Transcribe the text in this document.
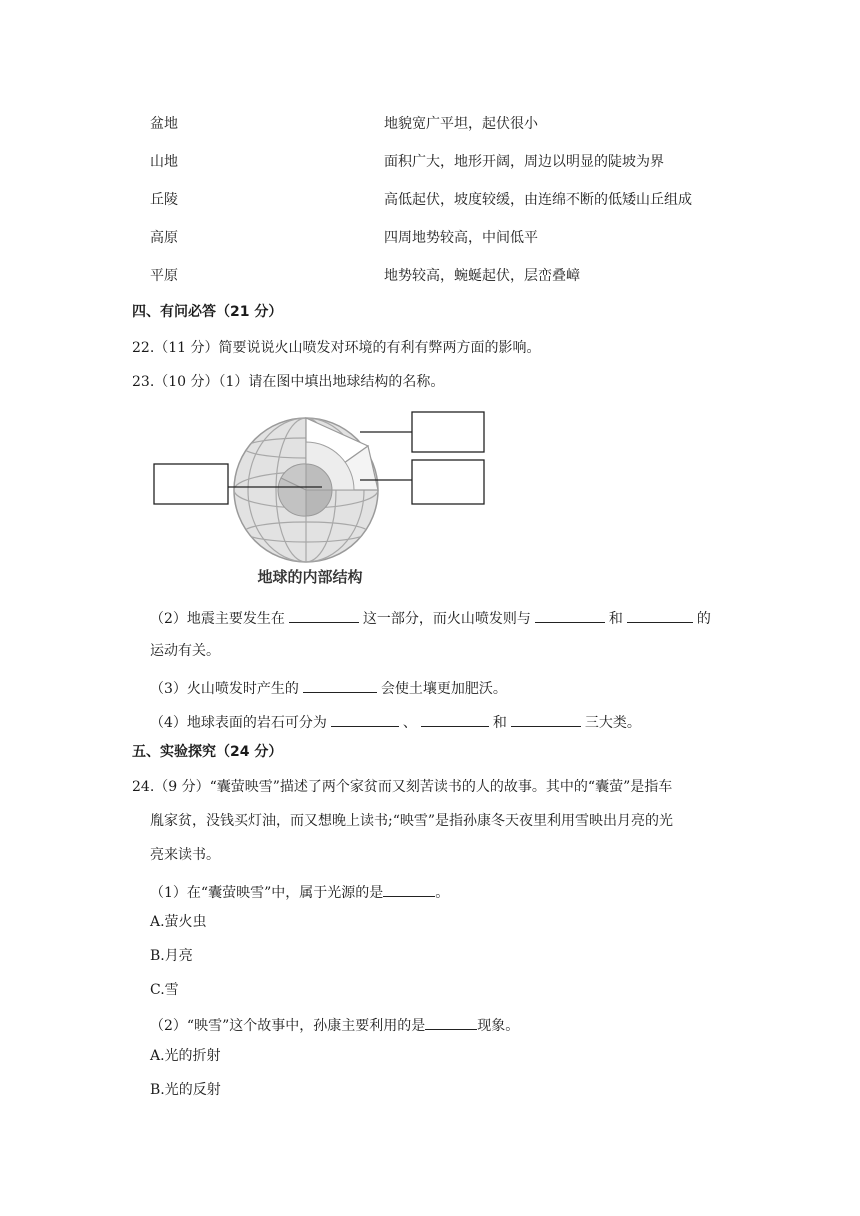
盆地	地貌宽广平坦，起伏很小
山地	面积广大，地形开阔，周边以明显的陡坡为界
丘陵	高低起伏，坡度较缓，由连绵不断的低矮山丘组成
高原	四周地势较高，中间低平
平原	地势较高，蜿蜒起伏，层峦叠嶂
四、有问必答（21 分）
22.（11 分）简要说说火山喷发对环境的有利有弊两方面的影响。
23.（10 分）（1）请在图中填出地球结构的名称。
地球的内部结构
（2）地震主要发生在	这一部分，而火山喷发则与	和	的
运动有关。
（3）火山喷发时产生的	会使土壤更加肥沃。
（4）地球表面的岩石可分为	、	和	三大类。
五、实验探究（24 分）
24.（9 分）“囊萤映雪”描述了两个家贫而又刻苦读书的人的故事。其中的“囊萤”是指车
胤家贫，没钱买灯油，而又想晚上读书;“映雪”是指孙康冬天夜里利用雪映出月亮的光
亮来读书。
（1）在“囊萤映雪”中，属于光源的是	。
A.萤火虫
B.月亮
C.雪
（2）“映雪”这个故事中，孙康主要利用的是	现象。
A.光的折射
B.光的反射
